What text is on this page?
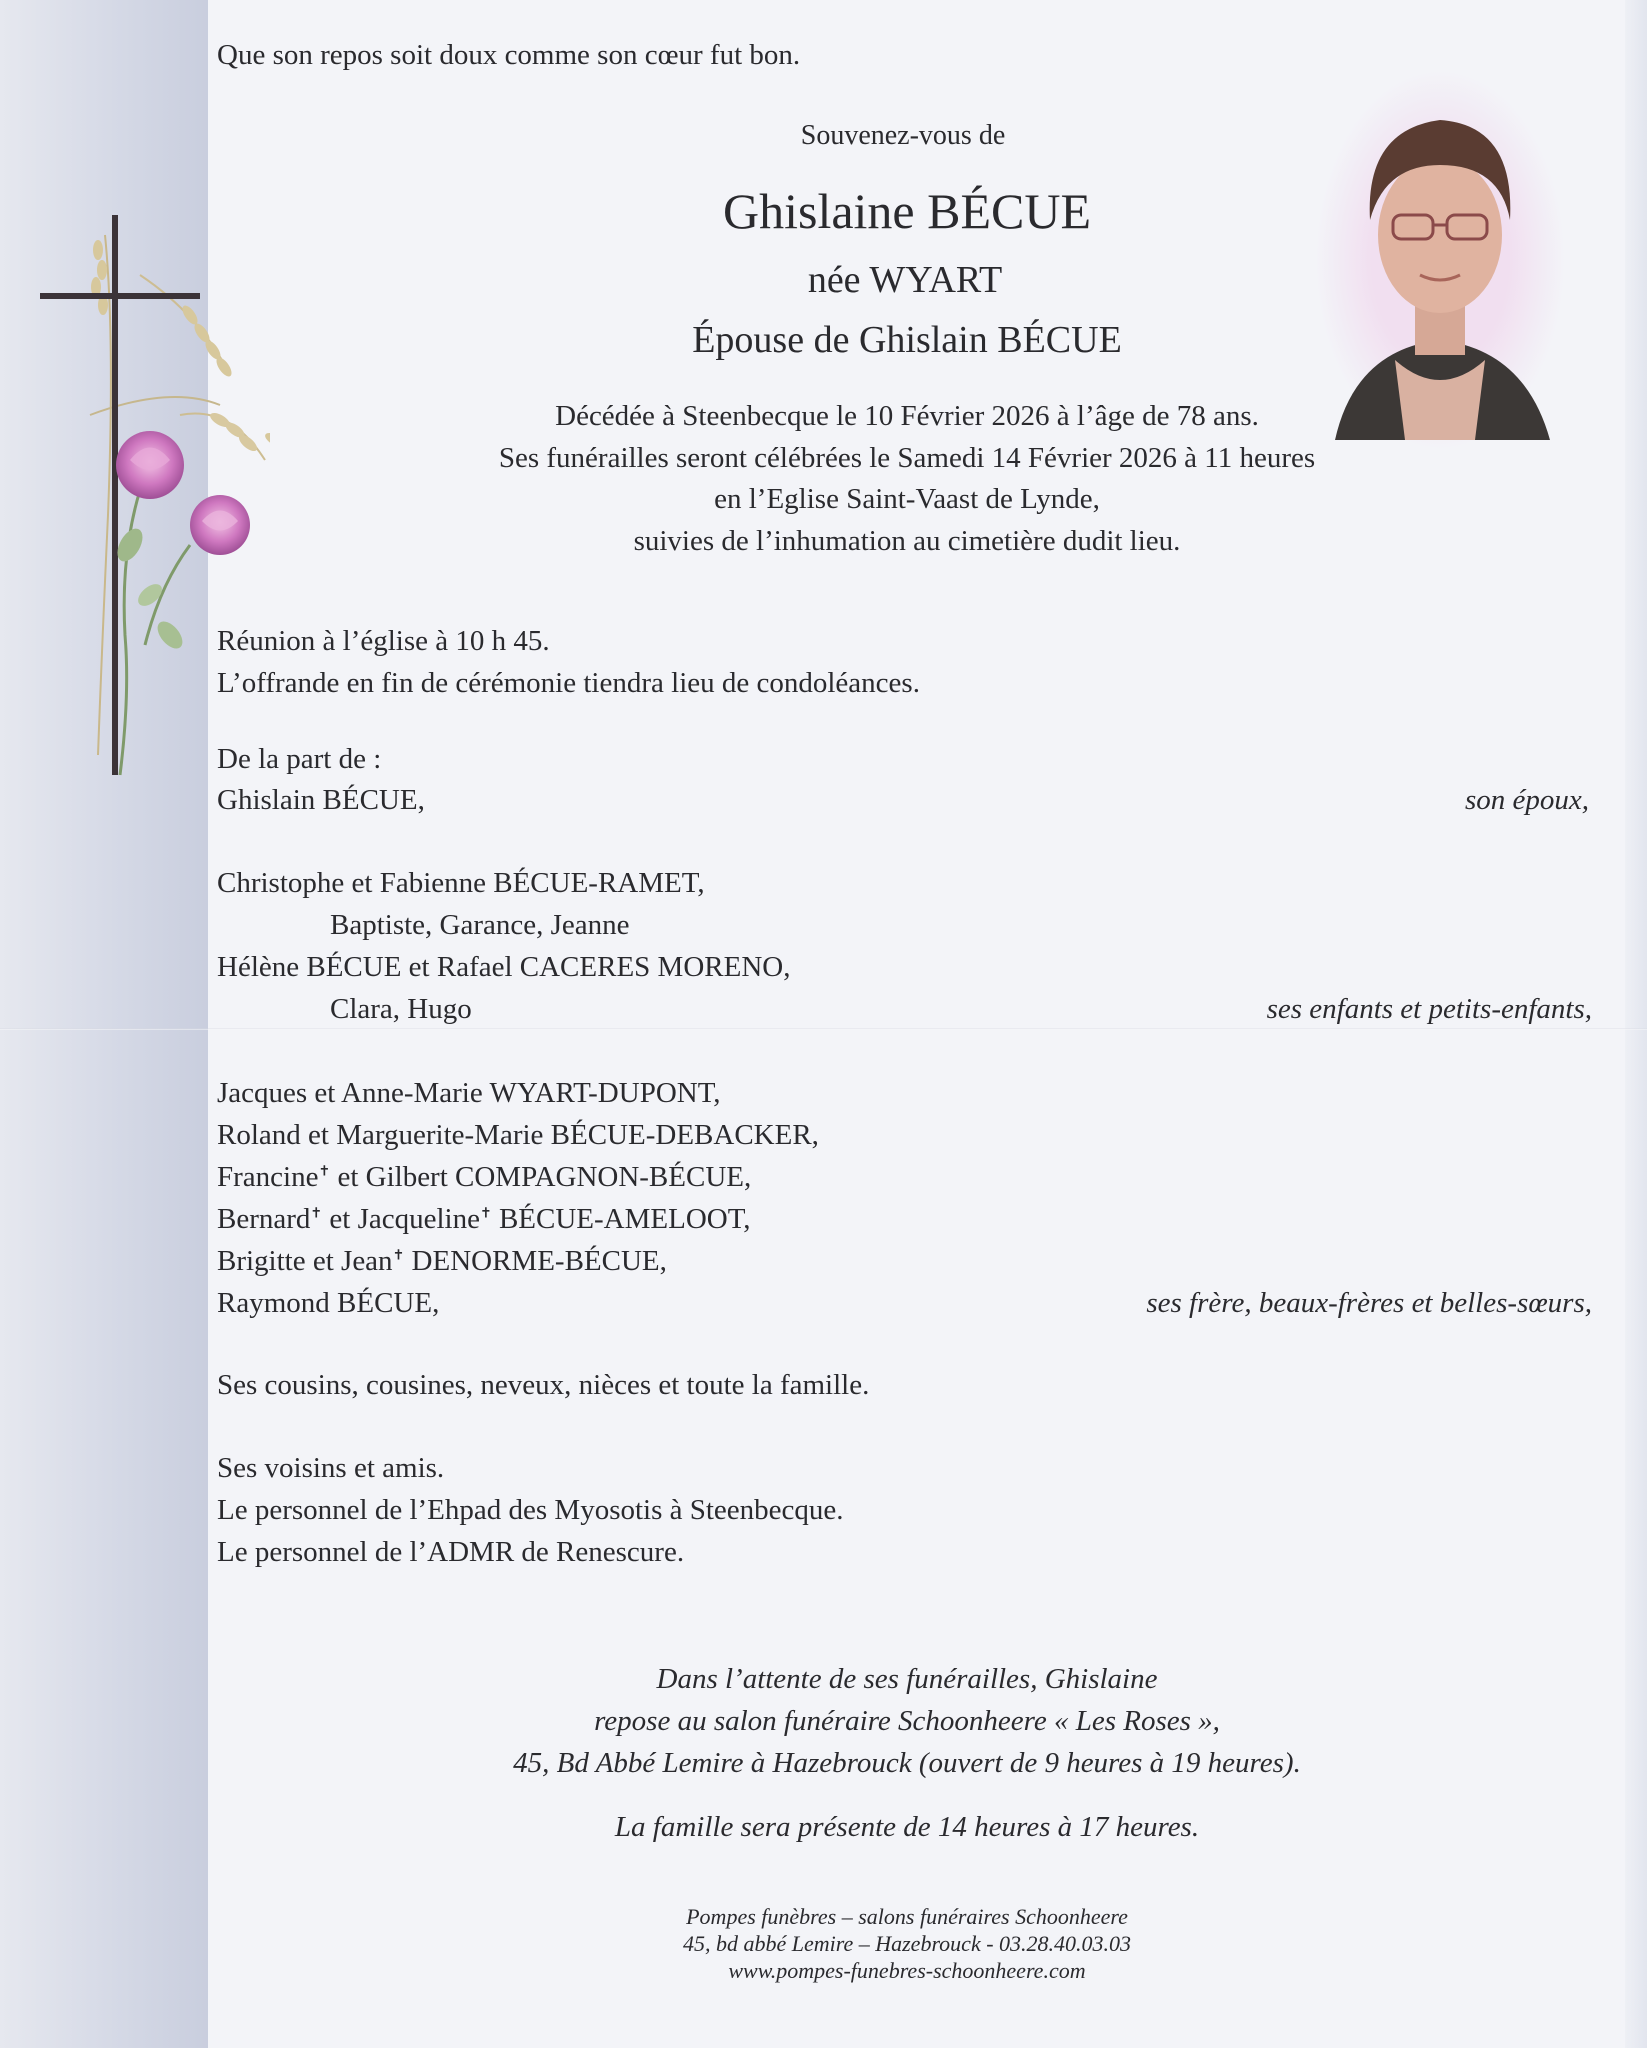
Que son repos soit doux comme son cœur fut bon.
Souvenez-vous de
Ghislaine BÉCUE
née WYART
Épouse de Ghislain BÉCUE
Décédée à Steenbecque le 10 Février 2026 à l’âge de 78 ans.
Ses funérailles seront célébrées le Samedi 14 Février 2026 à 11 heures
en l’Eglise Saint-Vaast de Lynde,
suivies de l’inhumation au cimetière dudit lieu.
Réunion à l’église à 10 h 45.
L’offrande en fin de cérémonie tiendra lieu de condoléances.
De la part de :
Ghislain BÉCUE,	son époux,
Christophe et Fabienne BÉCUE-RAMET,
Baptiste, Garance, Jeanne
Hélène BÉCUE et Rafael CACERES MORENO,
Clara, Hugo	ses enfants et petits-enfants,
Jacques et Anne-Marie WYART-DUPONT,
Roland et Marguerite-Marie BÉCUE-DEBACKER,
Francine✝ et Gilbert COMPAGNON-BÉCUE,
Bernard✝ et Jacqueline✝ BÉCUE-AMELOOT,
Brigitte et Jean✝ DENORME-BÉCUE,
Raymond BÉCUE,	ses frère, beaux-frères et belles-sœurs,
Ses cousins, cousines, neveux, nièces et toute la famille.
Ses voisins et amis.
Le personnel de l’Ehpad des Myosotis à Steenbecque.
Le personnel de l’ADMR de Renescure.
Dans l’attente de ses funérailles, Ghislaine
repose au salon funéraire Schoonheere « Les Roses »,
45, Bd Abbé Lemire à Hazebrouck (ouvert de 9 heures à 19 heures).
La famille sera présente de 14 heures à 17 heures.
Pompes funèbres – salons funéraires Schoonheere
45, bd abbé Lemire – Hazebrouck - 03.28.40.03.03
www.pompes-funebres-schoonheere.com
